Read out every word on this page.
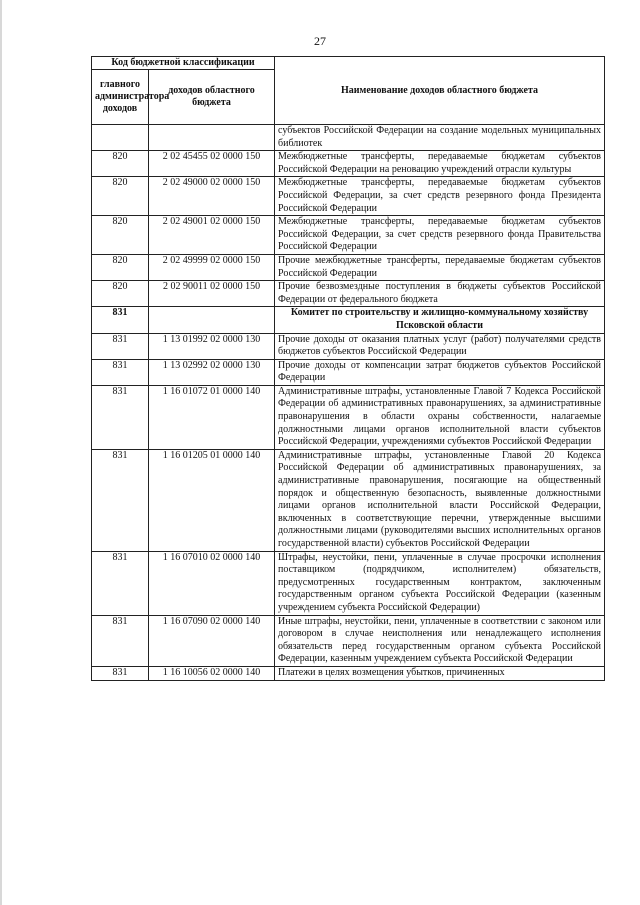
27
Код бюджетной классификации		Наименование доходов областного бюджета
главного администратора доходов	доходов областного бюджета	
		субъектов Российской Федерации на создание модельных муниципальных библиотек
820	2 02 45455 02 0000 150	Межбюджетные трансферты, передаваемые бюджетам субъектов Российской Федерации на реновацию учреждений отрасли культуры
820	2 02 49000 02 0000 150	Межбюджетные трансферты, передаваемые бюджетам субъектов Российской Федерации, за счет средств резервного фонда Президента Российской Федерации
820	2 02 49001 02 0000 150	Межбюджетные трансферты, передаваемые бюджетам субъектов Российской Федерации, за счет средств резервного фонда Правительства Российской Федерации
820	2 02 49999 02 0000 150	Прочие межбюджетные трансферты, передаваемые бюджетам субъектов Российской Федерации
820	2 02 90011 02 0000 150	Прочие безвозмездные поступления в бюджеты субъектов Российской Федерации от федерального бюджета
831		Комитет по строительству и жилищно-коммунальному хозяйству Псковской области
831	1 13 01992 02 0000 130	Прочие доходы от оказания платных услуг (работ) получателями средств бюджетов субъектов Российской Федерации
831	1 13 02992 02 0000 130	Прочие доходы от компенсации затрат бюджетов субъектов Российской Федерации
831	1 16 01072 01 0000 140	Административные штрафы, установленные Главой 7 Кодекса Российской Федерации об административных правонарушениях, за административные правонарушения в области охраны собственности, налагаемые должностными лицами органов исполнительной власти субъектов Российской Федерации, учреждениями субъектов Российской Федерации
831	1 16 01205 01 0000 140	Административные штрафы, установленные Главой 20 Кодекса Российской Федерации об административных правонарушениях, за административные правонарушения, посягающие на общественный порядок и общественную безопасность, выявленные должностными лицами органов исполнительной власти Российской Федерации, включенных в соответствующие перечни, утвержденные высшими должностными лицами (руководителями высших исполнительных органов государственной власти) субъектов Российской Федерации
831	1 16 07010 02 0000 140	Штрафы, неустойки, пени, уплаченные в случае просрочки исполнения поставщиком (подрядчиком, исполнителем) обязательств, предусмотренных государственным контрактом, заключенным государственным органом субъекта Российской Федерации (казенным учреждением субъекта Российской Федерации)
831	1 16 07090 02 0000 140	Иные штрафы, неустойки, пени, уплаченные в соответствии с законом или договором в случае неисполнения или ненадлежащего исполнения обязательств перед государственным органом субъекта Российской Федерации, казенным учреждением субъекта Российской Федерации
831	1 16 10056 02 0000 140	Платежи в целях возмещения убытков, причиненных
